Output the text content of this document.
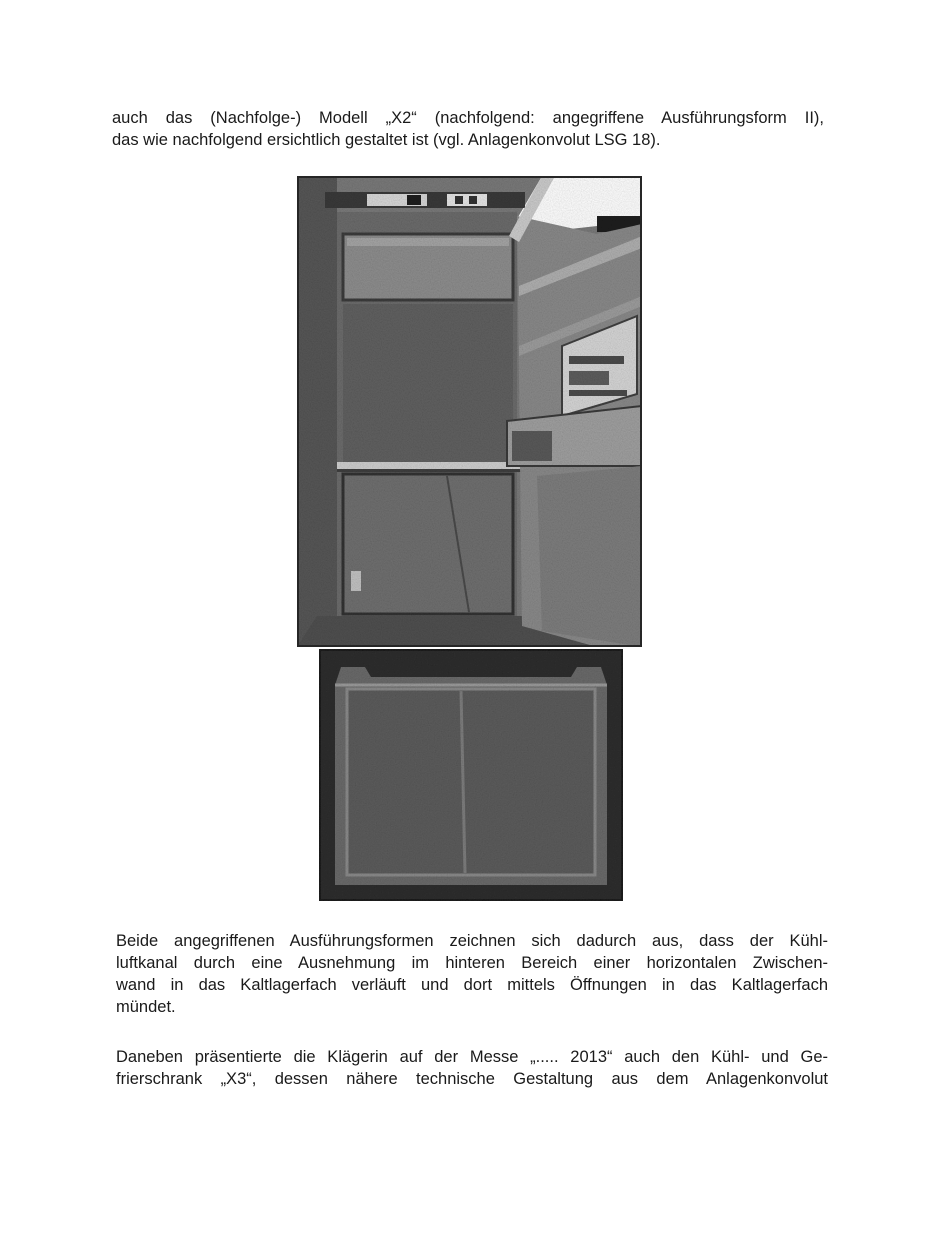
auch das (Nachfolge-) Modell „X2“ (nachfolgend: angegriffene Ausführungsform II),
das wie nachfolgend ersichtlich gestaltet ist (vgl. Anlagenkonvolut LSG 18).
Beide angegriffenen Ausführungsformen zeichnen sich dadurch aus, dass der Kühl-
luftkanal durch eine Ausnehmung im hinteren Bereich einer horizontalen Zwischen-
wand in das Kaltlagerfach verläuft und dort mittels Öffnungen in das Kaltlagerfach
mündet.
Daneben präsentierte die Klägerin auf der Messe „..... 2013“ auch den Kühl- und Ge-
frierschrank „X3“, dessen nähere technische Gestaltung aus dem Anlagenkonvolut
